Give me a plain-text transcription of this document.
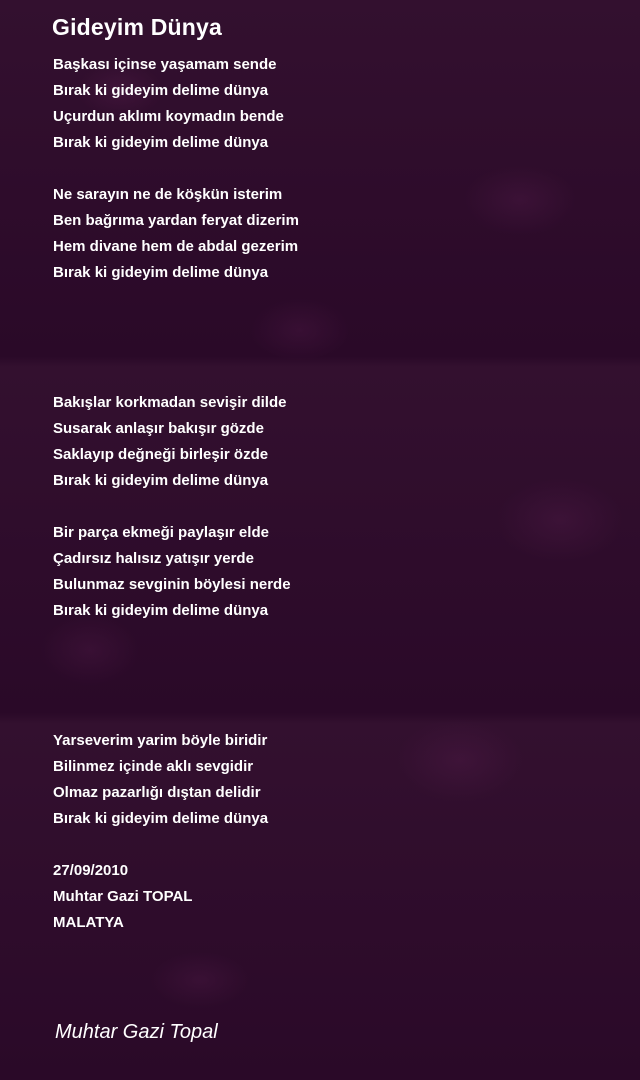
Gideyim Dünya
Başkası içinse yaşamam sende
Bırak ki gideyim delime dünya
Uçurdun aklımı koymadın bende
Bırak ki gideyim delime dünya
Ne sarayın ne de köşkün isterim
Ben bağrıma yardan feryat dizerim
Hem divane hem de abdal gezerim
Bırak ki gideyim delime dünya
Bakışlar korkmadan sevişir dilde
Susarak anlaşır bakışır gözde
Saklayıp değneği birleşir özde
Bırak ki gideyim delime dünya
Bir parça ekmeği paylaşır elde
Çadırsız halısız yatışır yerde
Bulunmaz sevginin böylesi nerde
Bırak ki gideyim delime dünya
Yarseverim yarim böyle biridir
Bilinmez içinde aklı sevgidir
Olmaz pazarlığı dıştan delidir
Bırak ki gideyim delime dünya
27/09/2010
Muhtar Gazi TOPAL
MALATYA
Muhtar Gazi Topal
